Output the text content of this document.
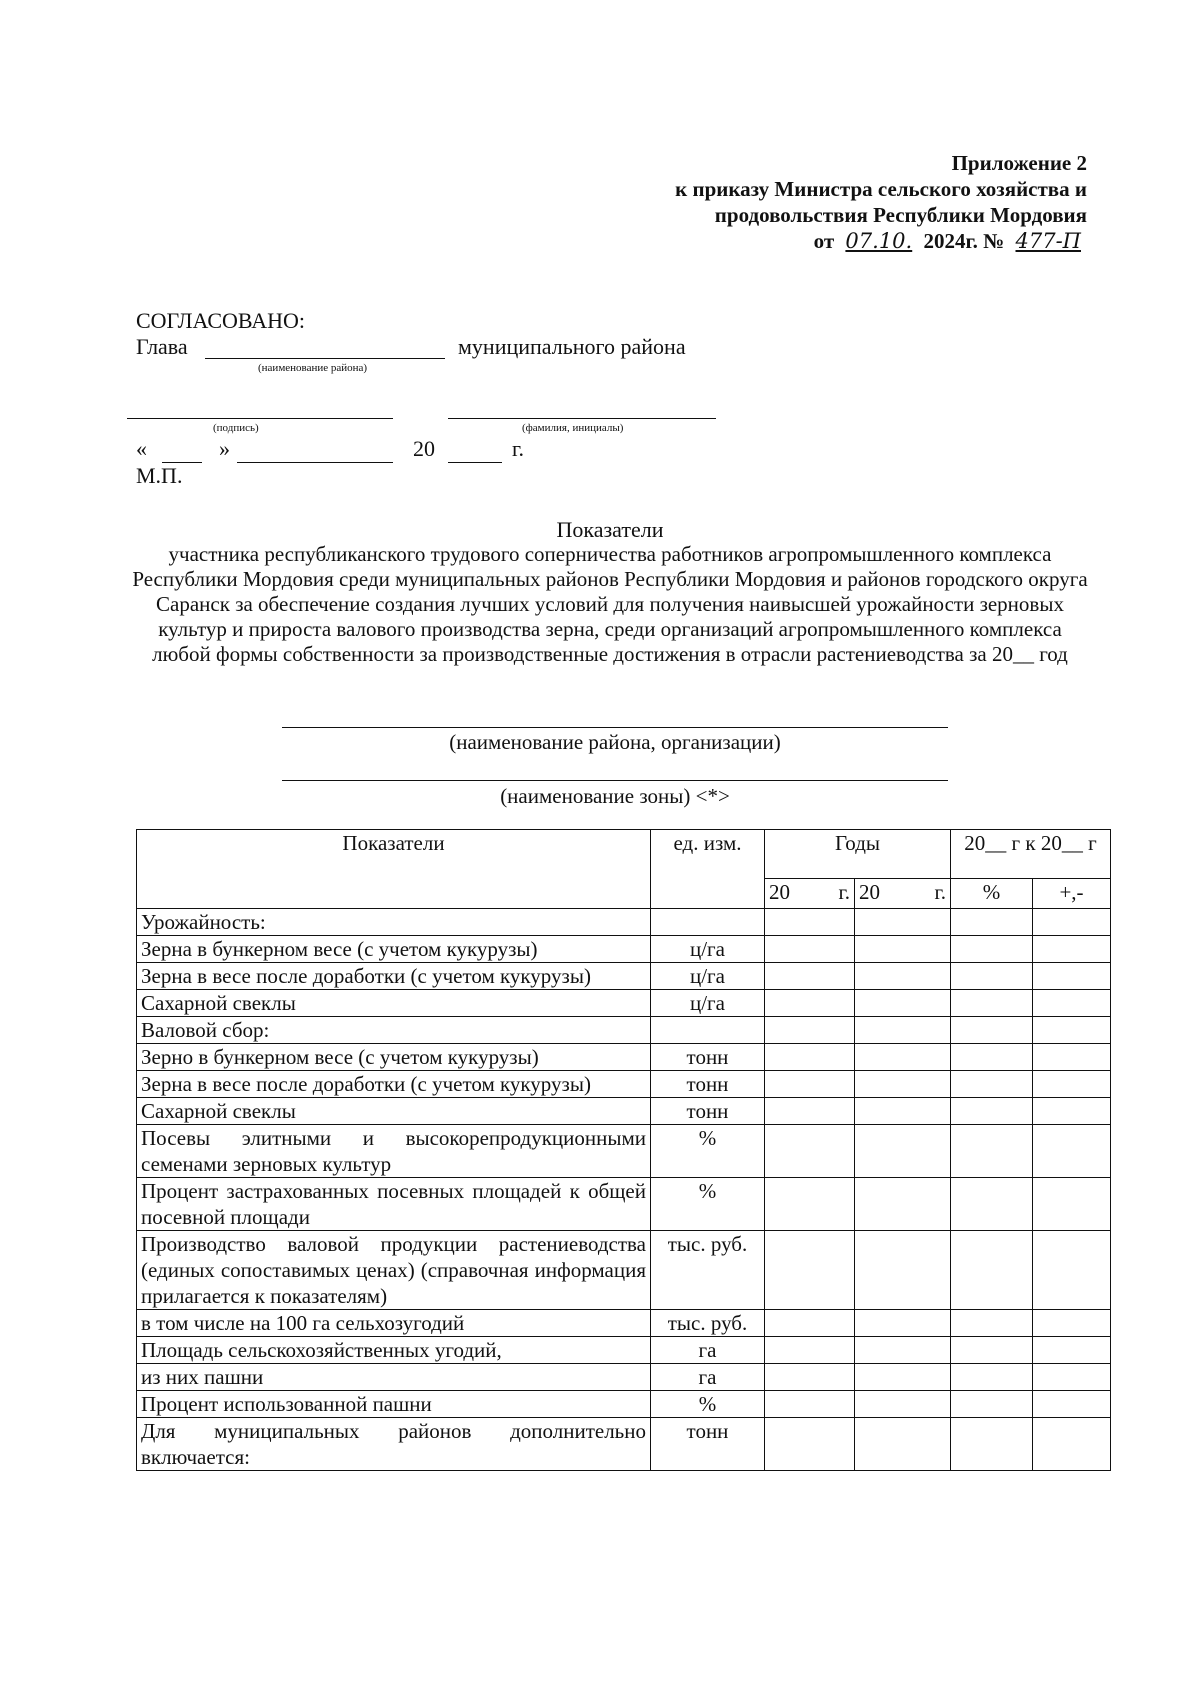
Приложение 2
к приказу Министра сельского хозяйства и
продовольствия Республики Мордовия
от 07.10. 2024г. № 477-П
СОГЛАСОВАНО:
Глава	муниципального района
(наименование района)
(подпись)	(фамилия, инициалы)
«	»	20	г.
М.П.
Показатели
участника республиканского трудового соперничества работников агропромышленного комплекса Республики Мордовия среди муниципальных районов Республики Мордовия и районов городского округа Саранск за обеспечение создания лучших условий для получения наивысшей урожайности зерновых культур и прироста валового производства зерна, среди организаций агропромышленного комплекса любой формы собственности за производственные достижения в отрасли растениеводства за 20__ год
(наименование района, организации)
(наименование зоны) <*>
Показатели	ед. изм.	Годы		20__ г к 20__ г	

		20 г.	20 г.	%	+,-
Урожайность:					
Зерна в бункерном весе (с учетом кукурузы)	ц/га				
Зерна в весе после доработки (с учетом кукурузы)	ц/га				
Сахарной свеклы	ц/га				
Валовой сбор:					
Зерно в бункерном весе (с учетом кукурузы)	тонн				
Зерна в весе после доработки (с учетом кукурузы)	тонн				
Сахарной свеклы	тонн				
Посевы элитными и высокорепродукционными семенами зерновых культур	%				
Процент застрахованных посевных площадей к общей посевной площади	%				
Производство валовой продукции растениеводства (единых сопоставимых ценах) (справочная информация прилагается к показателям)	тыс. руб.				
в том числе на 100 га сельхозугодий	тыс. руб.				
Площадь сельскохозяйственных угодий,	га				
из них пашни	га				
Процент использованной пашни	%				
Для муниципальных районов дополнительно включается:	тонн				
